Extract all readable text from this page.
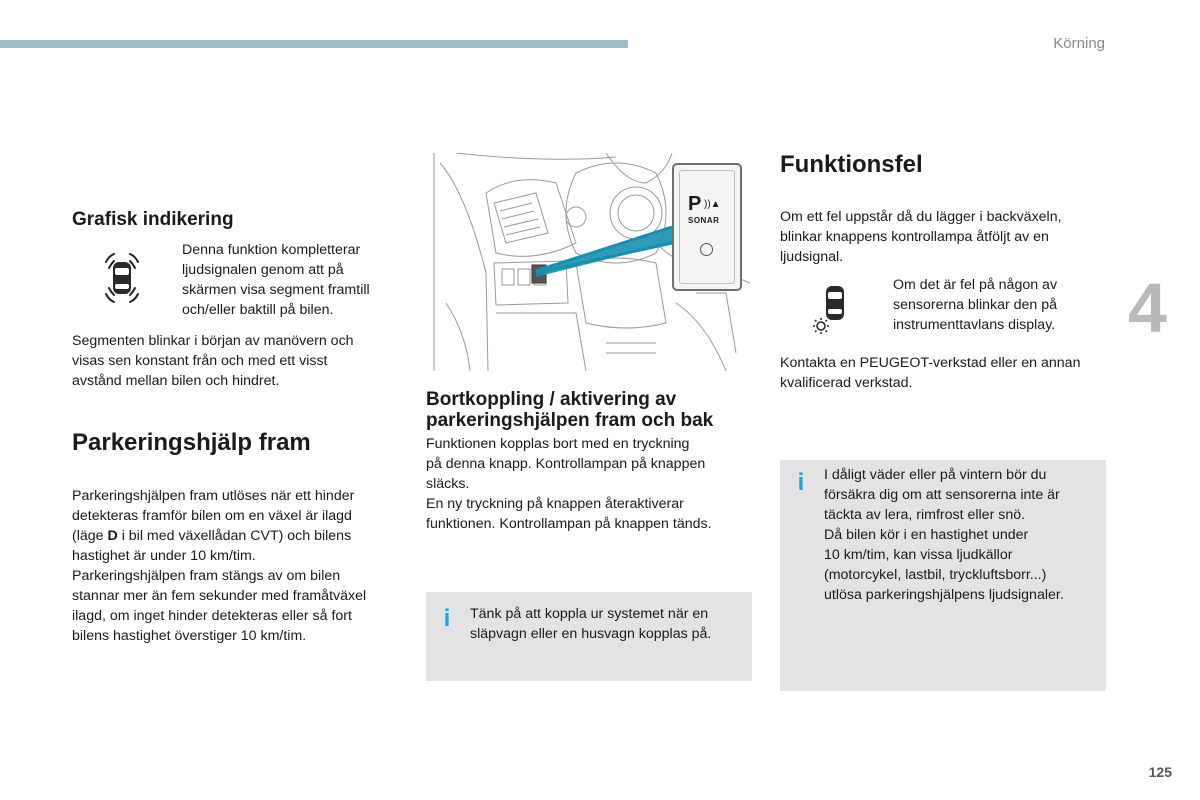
Körning
4
125
Grafisk indikering

Denna funktion kompletterar

ljudsignalen genom att på

skärmen visa segment framtill

och/eller baktill på bilen.

Segmenten blinkar i början av manövern och

visas sen konstant från och med ett visst

avstånd mellan bilen och hindret.

Parkeringshjälp fram

Parkeringshjälpen fram utlöses när ett hinder

detekteras framför bilen om en växel är ilagd

(läge D i bil med växellådan CVT) och bilens

hastighet är under 10 km/tim.

Parkeringshjälpen fram stängs av om bilen

stannar mer än fem sekunder med framåtväxel

ilagd, om inget hinder detekteras eller så fort

bilens hastighet överstiger 10 km/tim.

P ))▲
SONAR
Bortkoppling / aktivering av
parkeringshjälpen fram och bak

Funktionen kopplas bort med en tryckning

på denna knapp. Kontrollampan på knappen

släcks.

En ny tryckning på knappen återaktiverar

funktionen. Kontrollampan på knappen tänds.

i Tänk på att koppla ur systemet när en

släpvagn eller en husvagn kopplas på.

Funktionsfel

Om ett fel uppstår då du lägger i backväxeln,

blinkar knappens kontrollampa åtföljt av en

ljudsignal.

Om det är fel på någon av

sensorerna blinkar den på

instrumenttavlans display.

Kontakta en PEUGEOT-verkstad eller en annan

kvalificerad verkstad.

i I dåligt väder eller på vintern bör du

försäkra dig om att sensorerna inte är

täckta av lera, rimfrost eller snö.

Då bilen kör i en hastighet under

10 km/tim, kan vissa ljudkällor

(motorcykel, lastbil, tryckluftsborr...)

utlösa parkeringshjälpens ljudsignaler.
